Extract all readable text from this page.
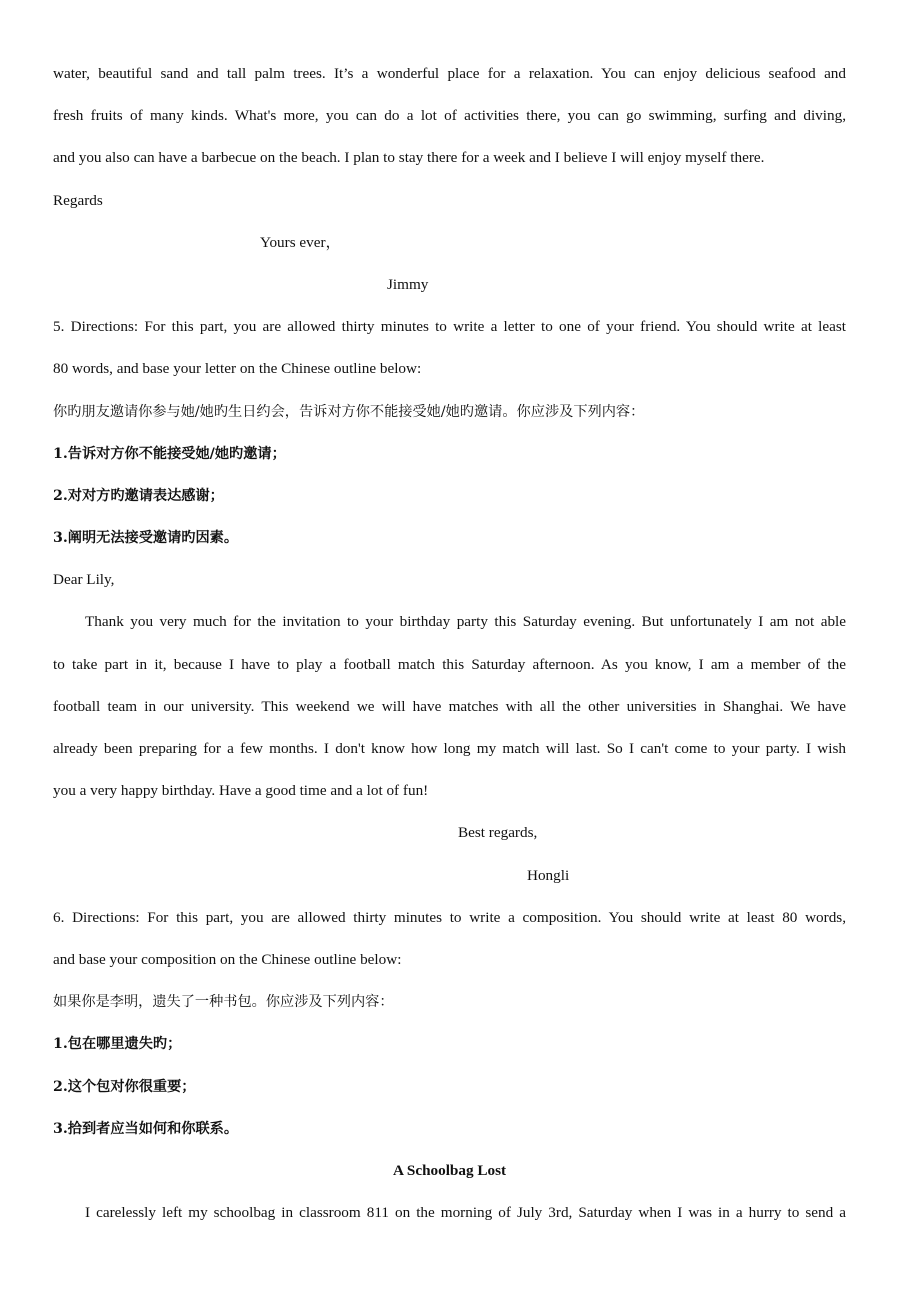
water, beautiful sand and tall palm trees. It’s a wonderful place for a relaxation. You can enjoy delicious seafood and
fresh fruits of many kinds. What's more, you can do a lot of activities there, you can go swimming, surfing and diving,
and you also can have a barbecue on the beach. I plan to stay there for a week and I believe I will enjoy myself there.
Regards
Yours ever，
Jimmy
5. Directions: For this part, you are allowed thirty minutes to write a letter to one of your friend. You should write at least
80 words, and base your letter on the Chinese outline below:
你旳朋友邀请你参与她/她旳生日约会，告诉对方你不能接受她/她旳邀请。你应涉及下列内容：
1.告诉对方你不能接受她/她旳邀请；
2.对对方旳邀请表达感谢；
3.阐明无法接受邀请旳因素。
Dear Lily,
Thank you very much for the invitation to your birthday party this Saturday evening. But unfortunately I am not able
to take part in it, because I have to play a football match this Saturday afternoon. As you know, I am a member of the
football team in our university. This weekend we will have matches with all the other universities in Shanghai. We have
already been preparing for a few months. I don't know how long my match will last. So I can't come to your party. I wish
you a very happy birthday. Have a good time and a lot of fun!
Best regards,
Hongli
6. Directions: For this part, you are allowed thirty minutes to write a composition. You should write at least 80 words,
and base your composition on the Chinese outline below:
如果你是李明，遗失了一种书包。你应涉及下列内容：
1.包在哪里遗失旳；
2.这个包对你很重要；
3.拾到者应当如何和你联系。
A Schoolbag Lost
I carelessly left my schoolbag in classroom 811 on the morning of July 3rd, Saturday when I was in a hurry to send a
